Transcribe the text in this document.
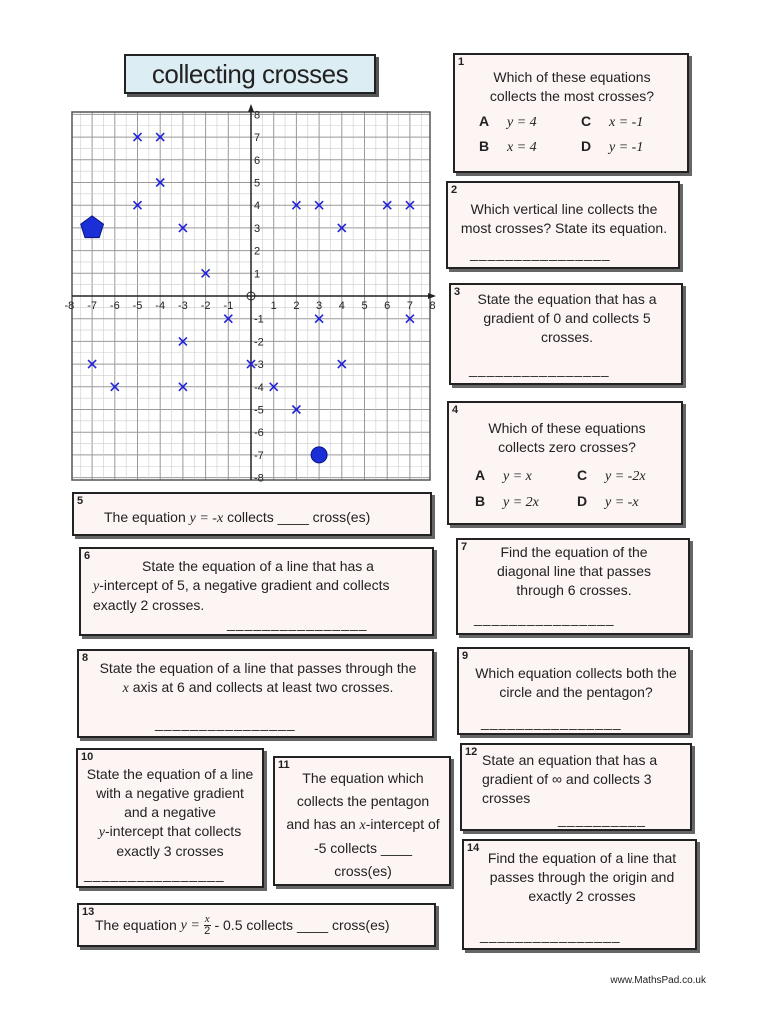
collecting crosses
-8 -7 -6 -5 -4 -3 -2 -1	1 2 3 4 5 6 7 8
-8
-7
-6
-5
-4
-3
-2
-1
1
2
3
4
5
6
7
8
1
Which of these equations collects the most crosses?
A y = 4	C x = -1
B x = 4	D y = -1
2
Which vertical line collects the most crosses? State its equation.
________________
3	State the equation that has a gradient of 0 and collects 5 crosses.
________________
4
Which of these equations collects zero crosses?
A y = x	C y = -2x
B y = 2x	D y = -x
5
The equation y = -x collects ____ cross(es)
6
State the equation of a line that has a
y-intercept of 5, a negative gradient and collects exactly 2 crosses.
________________
7	Find the equation of the diagonal line that passes through 6 crosses.
________________
8
State the equation of a line that passes through the
x axis at 6 and collects at least two crosses.
________________
9
Which equation collects both the circle and the pentagon?
________________
10
State the equation of a line with a negative gradient and a negative
y-intercept that collects exactly 3 crosses
________________
11
The equation which collects the pentagon and has an x-intercept of -5 collects ____ cross(es)
12 State an equation that has a gradient of ∞ and collects 3 crosses
__________
13
The equation
y =
$\frac{x}{2}$
- 0.5 collects ____ cross(es)
14
Find the equation of a line that passes through the origin and exactly 2 crosses
________________
www.MathsPad.co.uk
